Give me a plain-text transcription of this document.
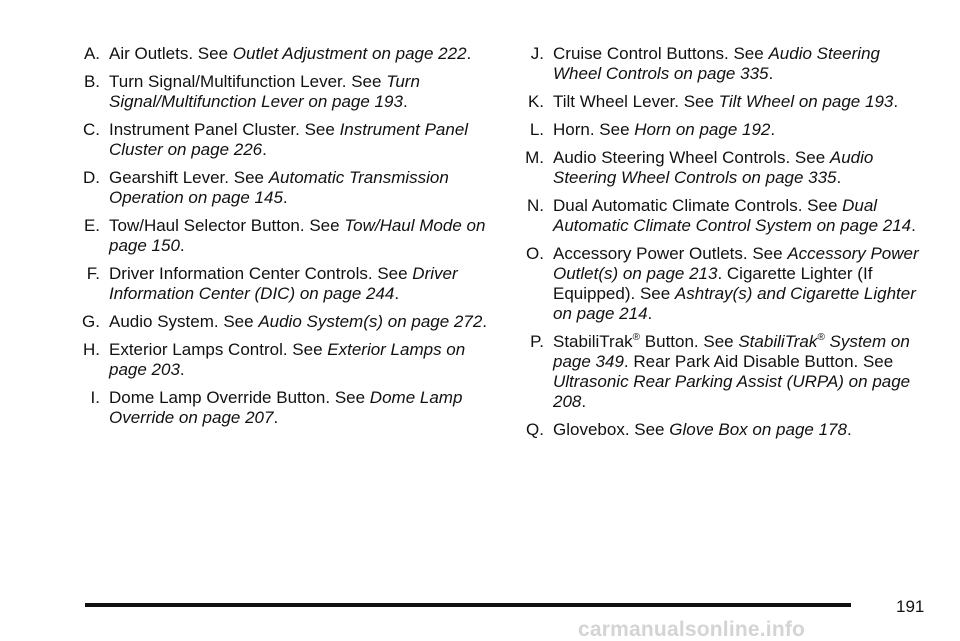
A. Air Outlets. See Outlet Adjustment on page 222.
B. Turn Signal/Multifunction Lever. See Turn Signal/Multifunction Lever on page 193.
C. Instrument Panel Cluster. See Instrument Panel Cluster on page 226.
D. Gearshift Lever. See Automatic Transmission Operation on page 145.
E. Tow/Haul Selector Button. See Tow/Haul Mode on page 150.
F. Driver Information Center Controls. See Driver Information Center (DIC) on page 244.
G. Audio System. See Audio System(s) on page 272.
H. Exterior Lamps Control. See Exterior Lamps on page 203.
I. Dome Lamp Override Button. See Dome Lamp Override on page 207.
J. Cruise Control Buttons. See Audio Steering Wheel Controls on page 335.
K. Tilt Wheel Lever. See Tilt Wheel on page 193.
L. Horn. See Horn on page 192.
M. Audio Steering Wheel Controls. See Audio Steering Wheel Controls on page 335.
N. Dual Automatic Climate Controls. See Dual Automatic Climate Control System on page 214.
O. Accessory Power Outlets. See Accessory Power Outlet(s) on page 213. Cigarette Lighter (If Equipped). See Ashtray(s) and Cigarette Lighter on page 214.
P. StabiliTrak® Button. See StabiliTrak® System on page 349. Rear Park Aid Disable Button. See Ultrasonic Rear Parking Assist (URPA) on page 208.
Q. Glovebox. See Glove Box on page 178.
191
carmanualsonline.info
